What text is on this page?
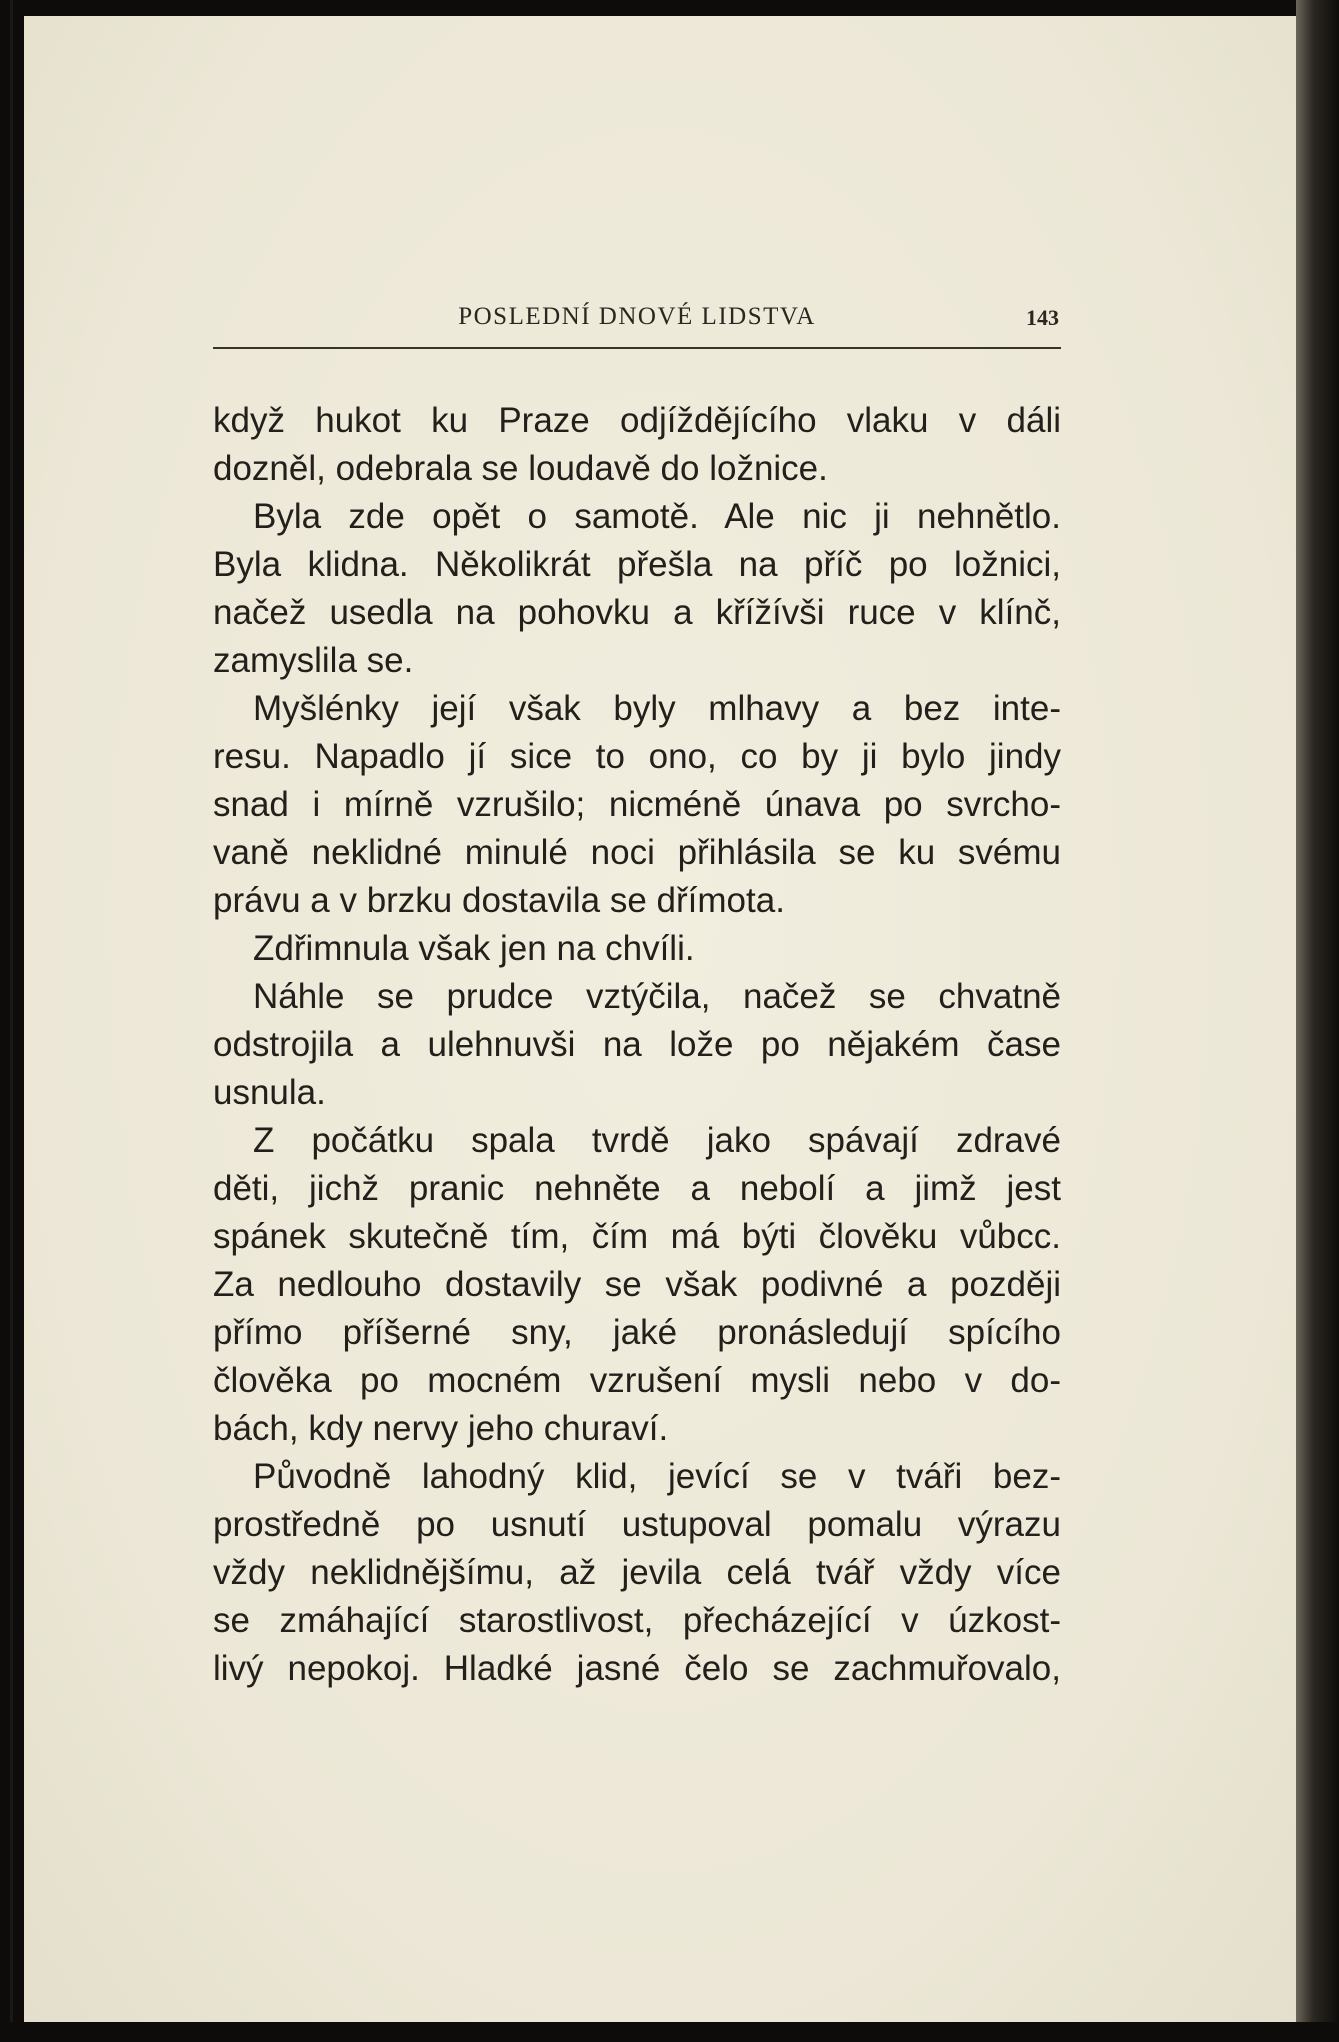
POSLEDNÍ DNOVÉ LIDSTVA	143
když hukot ku Praze odjíždějícího vlaku v dáli
dozněl, odebrala se loudavě do ložnice.
Byla zde opět o samotě. Ale nic ji nehnětlo.
Byla klidna. Několikrát přešla na příč po ložnici,
načež usedla na pohovku a křížívši ruce v klínč,
zamyslila se.
Myšlénky její však byly mlhavy a bez inte-
resu. Napadlo jí sice to ono, co by ji bylo jindy
snad i mírně vzrušilo; nicméně únava po svrcho-
vaně neklidné minulé noci přihlásila se ku svému
právu a v brzku dostavila se dřímota.
Zdřimnula však jen na chvíli.
Náhle se prudce vztýčila, načež se chvatně
odstrojila a ulehnuvši na lože po nějakém čase
usnula.
Z počátku spala tvrdě jako spávají zdravé
děti, jichž pranic nehněte a nebolí a jimž jest
spánek skutečně tím, čím má býti člověku vůbcc.
Za nedlouho dostavily se však podivné a později
přímo příšerné sny, jaké pronásledují spícího
člověka po mocném vzrušení mysli nebo v do-
bách, kdy nervy jeho churaví.
Původně lahodný klid, jevící se v tváři bez-
prostředně po usnutí ustupoval pomalu výrazu
vždy neklidnějšímu, až jevila celá tvář vždy více
se zmáhající starostlivost, přecházející v úzkost-
livý nepokoj. Hladké jasné čelo se zachmuřovalo,
